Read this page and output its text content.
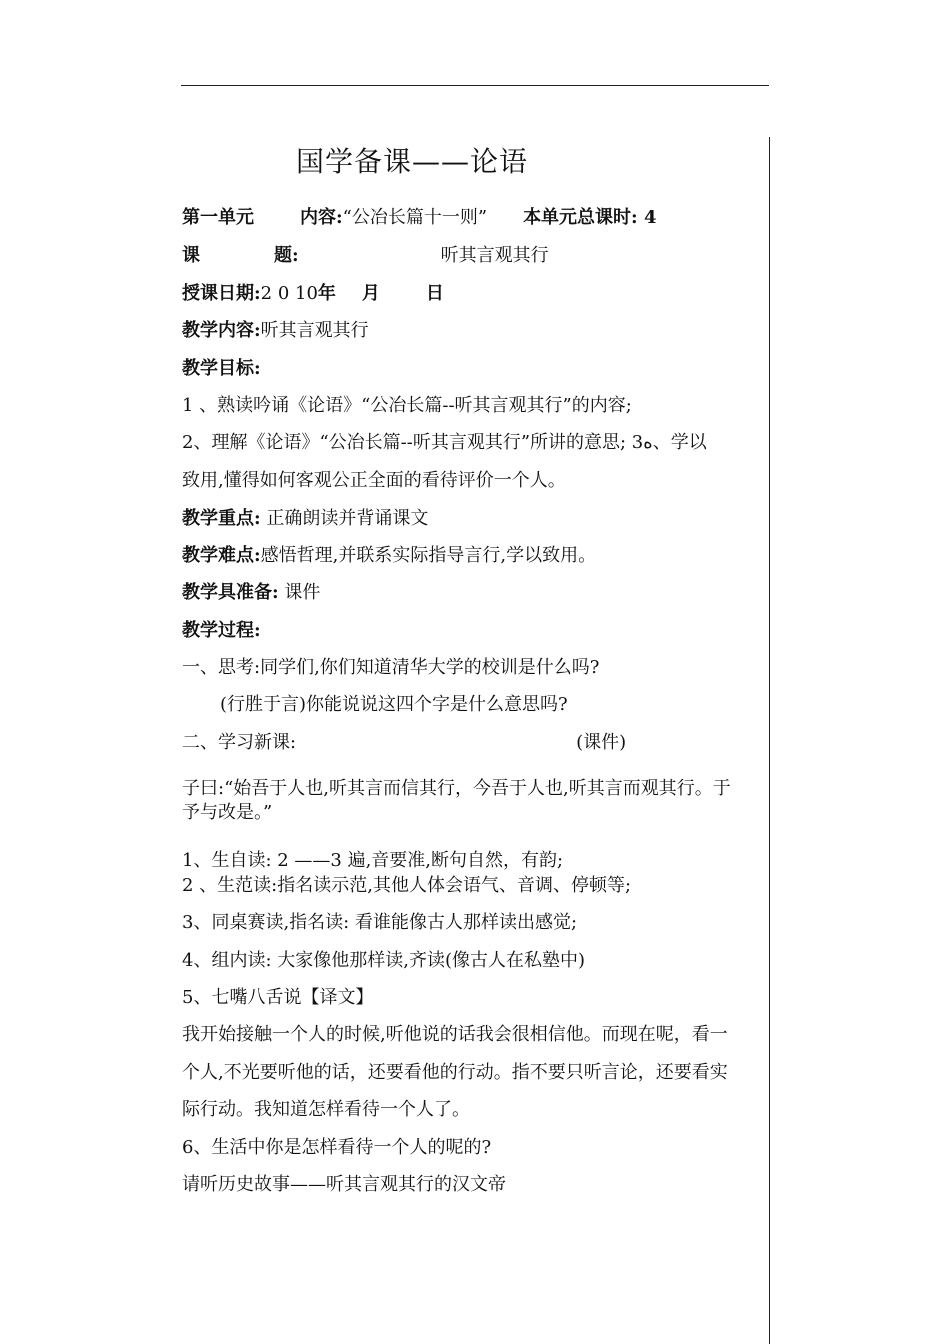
国学备课——论语
第一单元	内容:“公冶长篇十一则” 本单元总课时: 4
课	题:	听其言观其行
授课日期:2 0 10年 月	日
教学内容:听其言观其行
教学目标:
1 、熟读吟诵《论语》“公冶长篇--听其言观其行”的内容;
2、理解《论语》“公冶长篇--听其言观其行”所讲的意思; 3ه、学以
致用,懂得如何客观公正全面的看待评价一个人。
教学重点: 正确朗读并背诵课文
教学难点:感悟哲理,并联系实际指导言行,学以致用。
教学具准备: 课件
教学过程:
一、思考:同学们,你们知道清华大学的校训是什么吗?
(行胜于言)你能说说这四个字是什么意思吗?
二、学习新课:	(课件)
子曰:“始吾于人也,听其言而信其行，今吾于人也,听其言而观其行。于
予与改是。”
1、生自读: 2 ——3 遍,音要准,断句自然，有韵;
2 、生范读:指名读示范,其他人体会语气、音调、停顿等;
3、同桌赛读,指名读: 看谁能像古人那样读出感觉;
4、组内读: 大家像他那样读,齐读(像古人在私塾中)
5、七嘴八舌说【译文】
我开始接触一个人的时候,听他说的话我会很相信他。而现在呢，看一
个人,不光要听他的话，还要看他的行动。指不要只听言论，还要看实
际行动。我知道怎样看待一个人了。
6、生活中你是怎样看待一个人的呢的?
请听历史故事——听其言观其行的汉文帝
